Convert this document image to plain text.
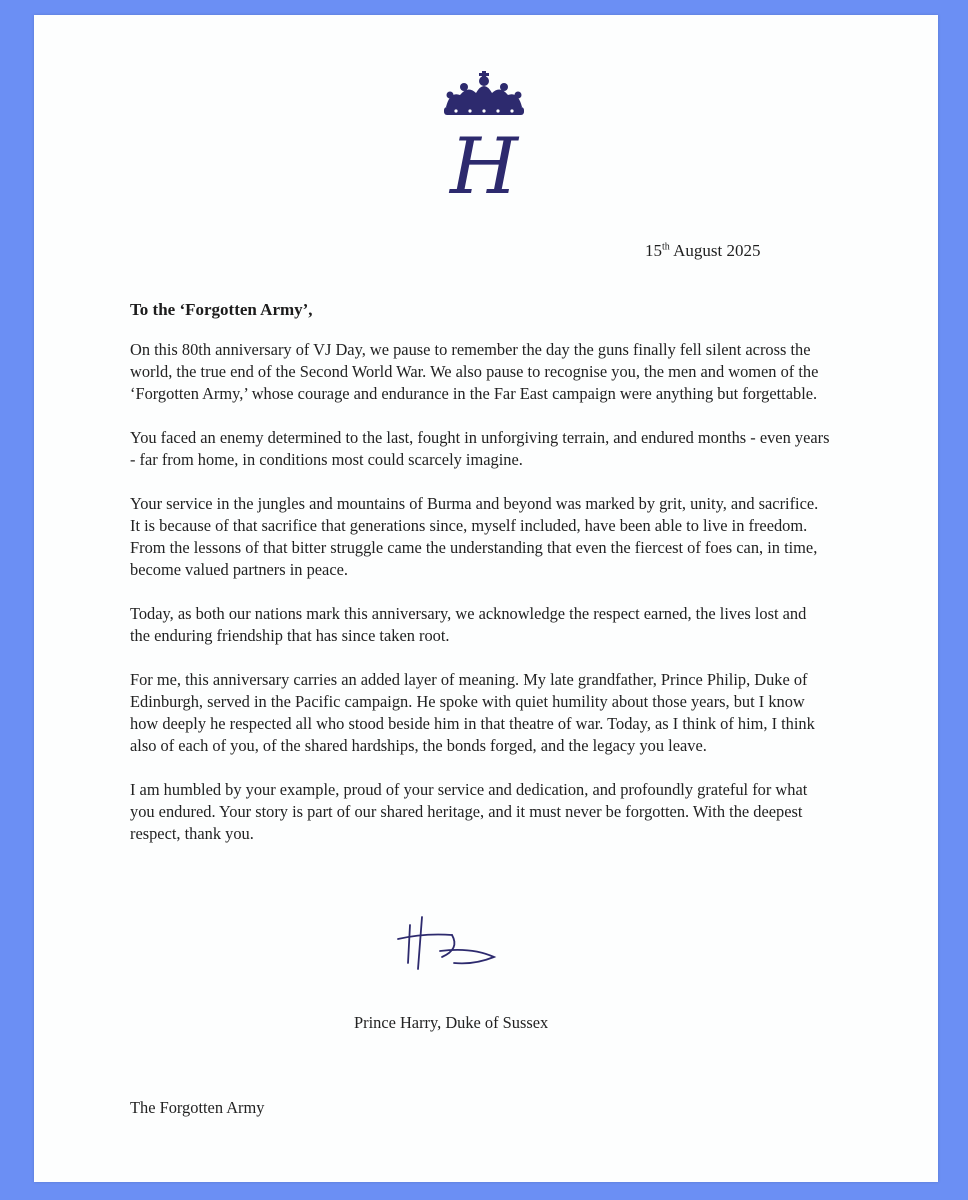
H
15th August 2025
To the ‘Forgotten Army’,

On this 80th anniversary of VJ Day, we pause to remember the day the guns finally fell silent across the world, the true end of the Second World War. We also pause to recognise you, the men and women of the ‘Forgotten Army,’ whose courage and endurance in the Far East campaign were anything but forgettable.

You faced an enemy determined to the last, fought in unforgiving terrain, and endured months - even years - far from home, in conditions most could scarcely imagine.

Your service in the jungles and mountains of Burma and beyond was marked by grit, unity, and sacrifice. It is because of that sacrifice that generations since, myself included, have been able to live in freedom. From the lessons of that bitter struggle came the understanding that even the fiercest of foes can, in time, become valued partners in peace.

Today, as both our nations mark this anniversary, we acknowledge the respect earned, the lives lost and the enduring friendship that has since taken root.

For me, this anniversary carries an added layer of meaning. My late grandfather, Prince Philip, Duke of Edinburgh, served in the Pacific campaign. He spoke with quiet humility about those years, but I know how deeply he respected all who stood beside him in that theatre of war. Today, as I think of him, I think also of each of you, of the shared hardships, the bonds forged, and the legacy you leave.

I am humbled by your example, proud of your service and dedication, and profoundly grateful for what you endured. Your story is part of our shared heritage, and it must never be forgotten. With the deepest respect, thank you.

Prince Harry, Duke of Sussex
The Forgotten Army
